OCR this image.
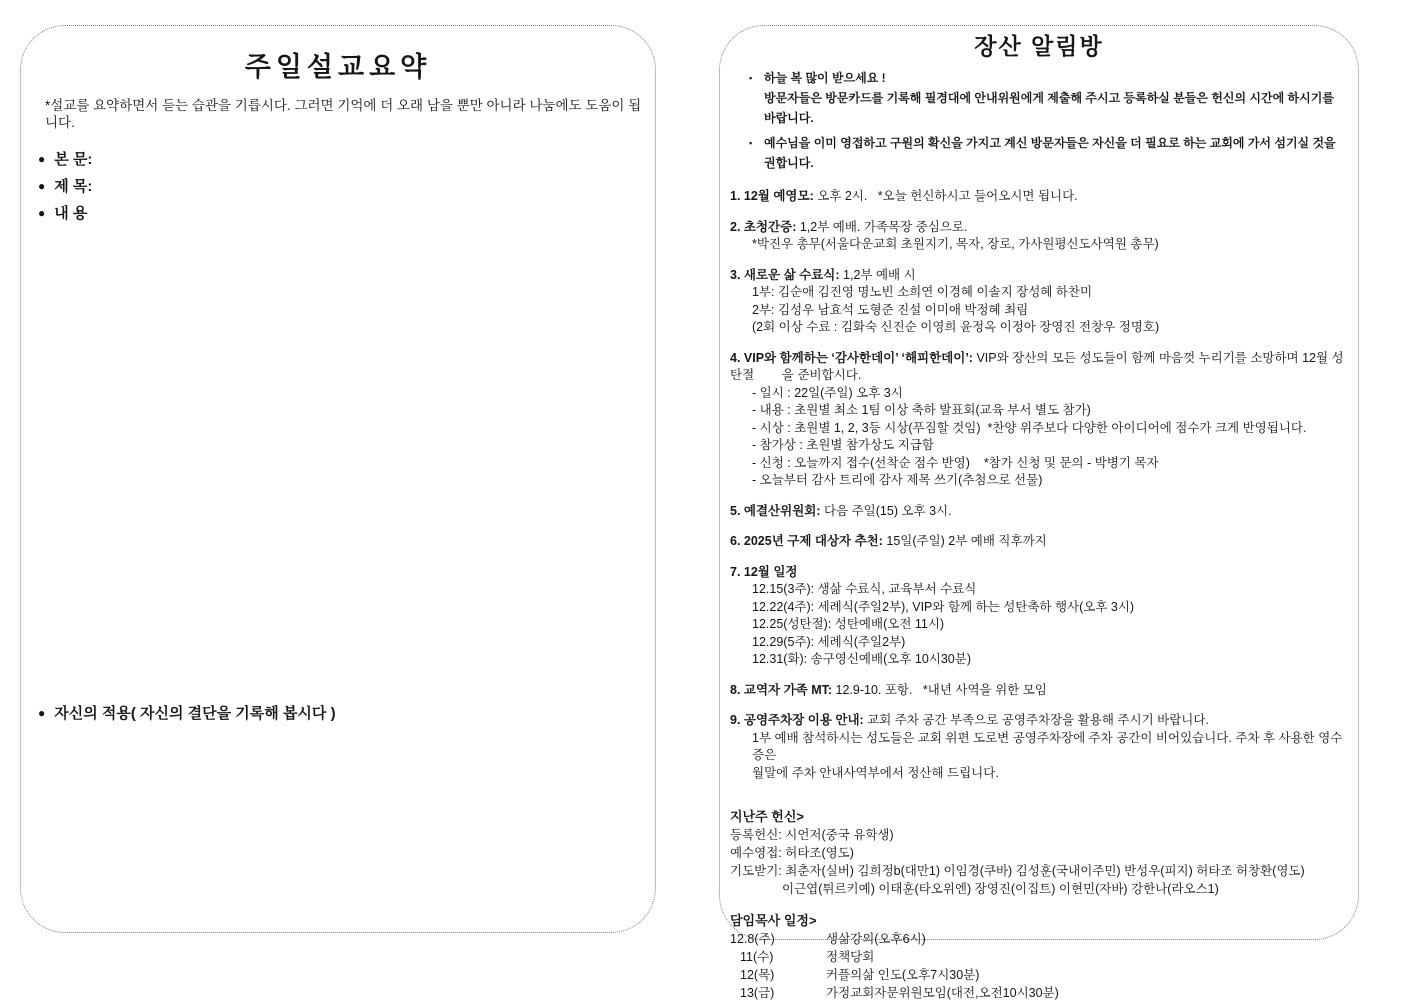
주일설교요약
*설교를 요약하면서 듣는 습관을 기릅시다. 그러면 기억에 더 오래 남을 뿐만 아니라 나눔에도 도움이 됩니다.
● 본 문:
● 제 목:
● 내 용
● 자신의 적용( 자신의 결단을 기록해 봅시다 )
장산 알림방
▪ 하늘 복 많이 받으세요 !
방문자들은 방문카드를 기록해 필경대에 안내위원에게 제출해 주시고 등록하실 분들은 헌신의 시간에 하시기를 바랍니다.
▪ 예수님을 이미 영접하고 구원의 확신을 가지고 계신 방문자들은 자신을 더 필요로 하는 교회에 가서 섬기실 것을 권합니다.
1. 12월 예영모: 오후 2시.   *오늘 헌신하시고 들어오시면 됩니다.
2. 초청간증: 1,2부 예배. 가족목장 중심으로.
*박진우 총무(서울다운교회 초원지기, 목자, 장로, 가사원평신도사역원 총무)
3. 새로운 삶 수료식: 1,2부 예배 시
1부: 김순애 김진영 명노빈 소희연 이경혜 이솔지 장성혜 하찬미
2부: 김성우 남효석 도형준 진설 이미애 박정혜 최림
(2회 이상 수료 : 김화숙 신진순 이영희 윤정옥 이정아 장영진 전창우 정명호)
4. VIP와 함께하는 ‘감사한데이’ ‘해피한데이’: VIP와 장산의 모든 성도들이 함께 마음껏 누리기를 소망하며 12월 성
탄절        을 준비합시다.
- 일시 : 22일(주일) 오후 3시
- 내용 : 초원별 최소 1팀 이상 축하 발표회(교육 부서 별도 참가)
- 시상 : 초원별 1, 2, 3등 시상(푸짐할 것임)  *찬양 위주보다 다양한 아이디어에 점수가 크게 반영됩니다.
- 참가상 : 초원별 참가상도 지급함
- 신청 : 오늘까지 접수(선착순 점수 반영)    *참가 신청 및 문의 - 박병기 목자
- 오늘부터 감사 트리에 감사 제목 쓰기(추첨으로 선물)
5. 예결산위원회: 다음 주일(15) 오후 3시.
6. 2025년 구제 대상자 추천: 15일(주일) 2부 예배 직후까지
7. 12월 일정
12.15(3주): 생삶 수료식, 교육부서 수료식
12.22(4주): 세례식(주일2부), VIP와 함께 하는 성탄축하 행사(오후 3시)
12.25(성탄절): 성탄예배(오전 11시)
12.29(5주): 세례식(주일2부)
12.31(화): 송구영신예배(오후 10시30분)
8. 교역자 가족 MT: 12.9-10. 포항.   *내년 사역을 위한 모임
9. 공영주차장 이용 안내: 교회 주차 공간 부족으로 공영주차장을 활용해 주시기 바랍니다.
1부 예배 참석하시는 성도들은 교회 위편 도로변 공영주차장에 주차 공간이 비어있습니다. 주차 후 사용한 영수증은
월말에 주차 안내사역부에서 정산해 드립니다.
지난주 헌신>
등록헌신: 시언저(중국 유학생)
예수영접: 허타조(영도)
기도받기: 최춘자(실버) 김희정b(대만1) 이임경(쿠바) 김성훈(국내이주민) 반성우(피지) 허타조 허창환(영도)
이근엽(튀르키예) 이태훈(타오위엔) 장영진(이집트) 이현민(자바) 강한나(라오스1)
담임목사 일정>
12.8(주)	생삶강의(오후6시)
11(수)	정책당회
12(목)	커플의삶 인도(오후7시30분)
13(금)	가정교회자문위원모임(대전,오전10시30분)
